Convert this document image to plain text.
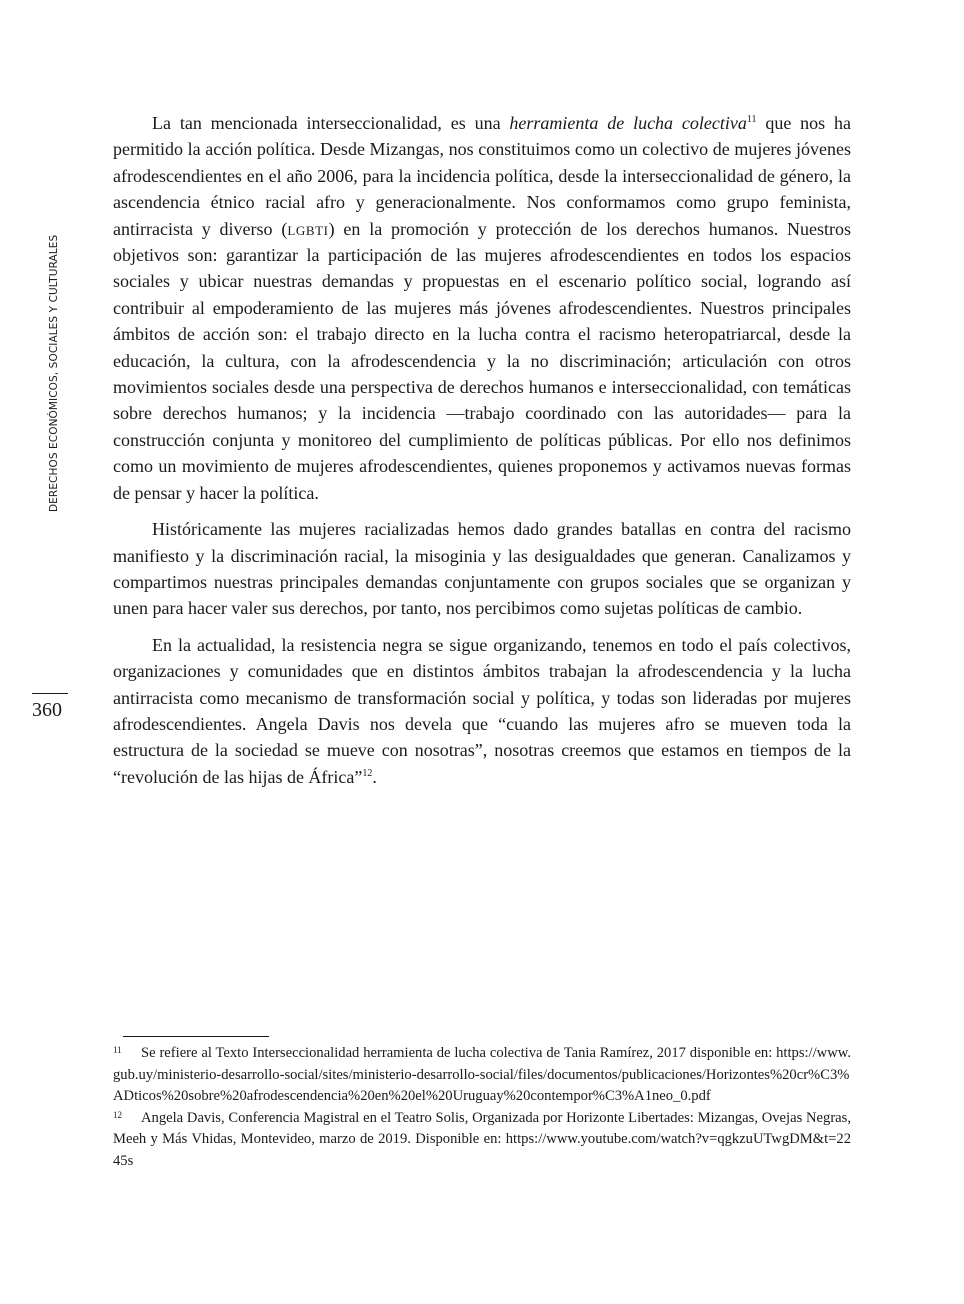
DERECHOS ECONÓMICOS, SOCIALES Y CULTURALES
360

La tan mencionada interseccionalidad, es una herramienta de lucha colectiva$^{11}$ que nos ha permitido la acción política. Desde Mizangas, nos constituimos como un colectivo de mujeres jóvenes afrodescendientes en el año 2006, para la incidencia política, desde la interseccionalidad de género, la ascendencia étnico racial afro y generacionalmente. Nos conformamos como grupo feminista, antirracista y diverso (lgbti) en la promoción y protección de los derechos humanos. Nuestros objetivos son: garantizar la participación de las mujeres afrodescendientes en todos los espacios sociales y ubicar nuestras demandas y propuestas en el escenario político social, logrando así contribuir al empoderamiento de las mujeres más jóvenes afrodescendientes. Nuestros principales ámbitos de acción son: el trabajo directo en la lucha contra el racismo heteropatriarcal, desde la educación, la cultura, con la afrodescendencia y la no discriminación; articulación con otros movimientos sociales desde una perspectiva de derechos humanos e interseccionalidad, con temáticas sobre derechos humanos; y la incidencia —trabajo coordinado con las autoridades— para la construcción conjunta y monitoreo del cumplimiento de políticas públicas. Por ello nos definimos como un movimiento de mujeres afrodescendientes, quienes proponemos y activamos nuevas formas de pensar y hacer la política.

Históricamente las mujeres racializadas hemos dado grandes batallas en contra del racismo manifiesto y la discriminación racial, la misoginia y las desigualdades que generan. Canalizamos y compartimos nuestras principales demandas conjuntamente con grupos sociales que se organizan y unen para hacer valer sus derechos, por tanto, nos percibimos como sujetas políticas de cambio.

En la actualidad, la resistencia negra se sigue organizando, tenemos en todo el país colectivos, organizaciones y comunidades que en distintos ámbitos trabajan la afrodescendencia y la lucha antirracista como mecanismo de transformación social y política, y todas son lideradas por mujeres afrodescendientes. Angela Davis nos devela que “cuando las mujeres afro se mueven toda la estructura de la sociedad se mueve con nosotras”, nosotras creemos que estamos en tiempos de la “revolución de las hijas de África”$^{12}$.

11 Se refiere al Texto Interseccionalidad herramienta de lucha colectiva de Tania Ramírez, 2017 disponible en: https://www.gub.uy/ministerio-desarrollo-social/sites/ministerio-desarrollo-social/files/documentos/publicaciones/Horizontes%20cr%C3%ADticos%20sobre%20afrodescendencia%20en%20el%20Uruguay%20contempor%C3%A1neo_0.pdf

12 Angela Davis, Conferencia Magistral en el Teatro Solis, Organizada por Horizonte Libertades: Mizangas, Ovejas Negras, Meeh y Más Vhidas, Montevideo, marzo de 2019. Disponible en: https://www.youtube.com/watch?v=qgkzuUTwgDM&t=2245s
